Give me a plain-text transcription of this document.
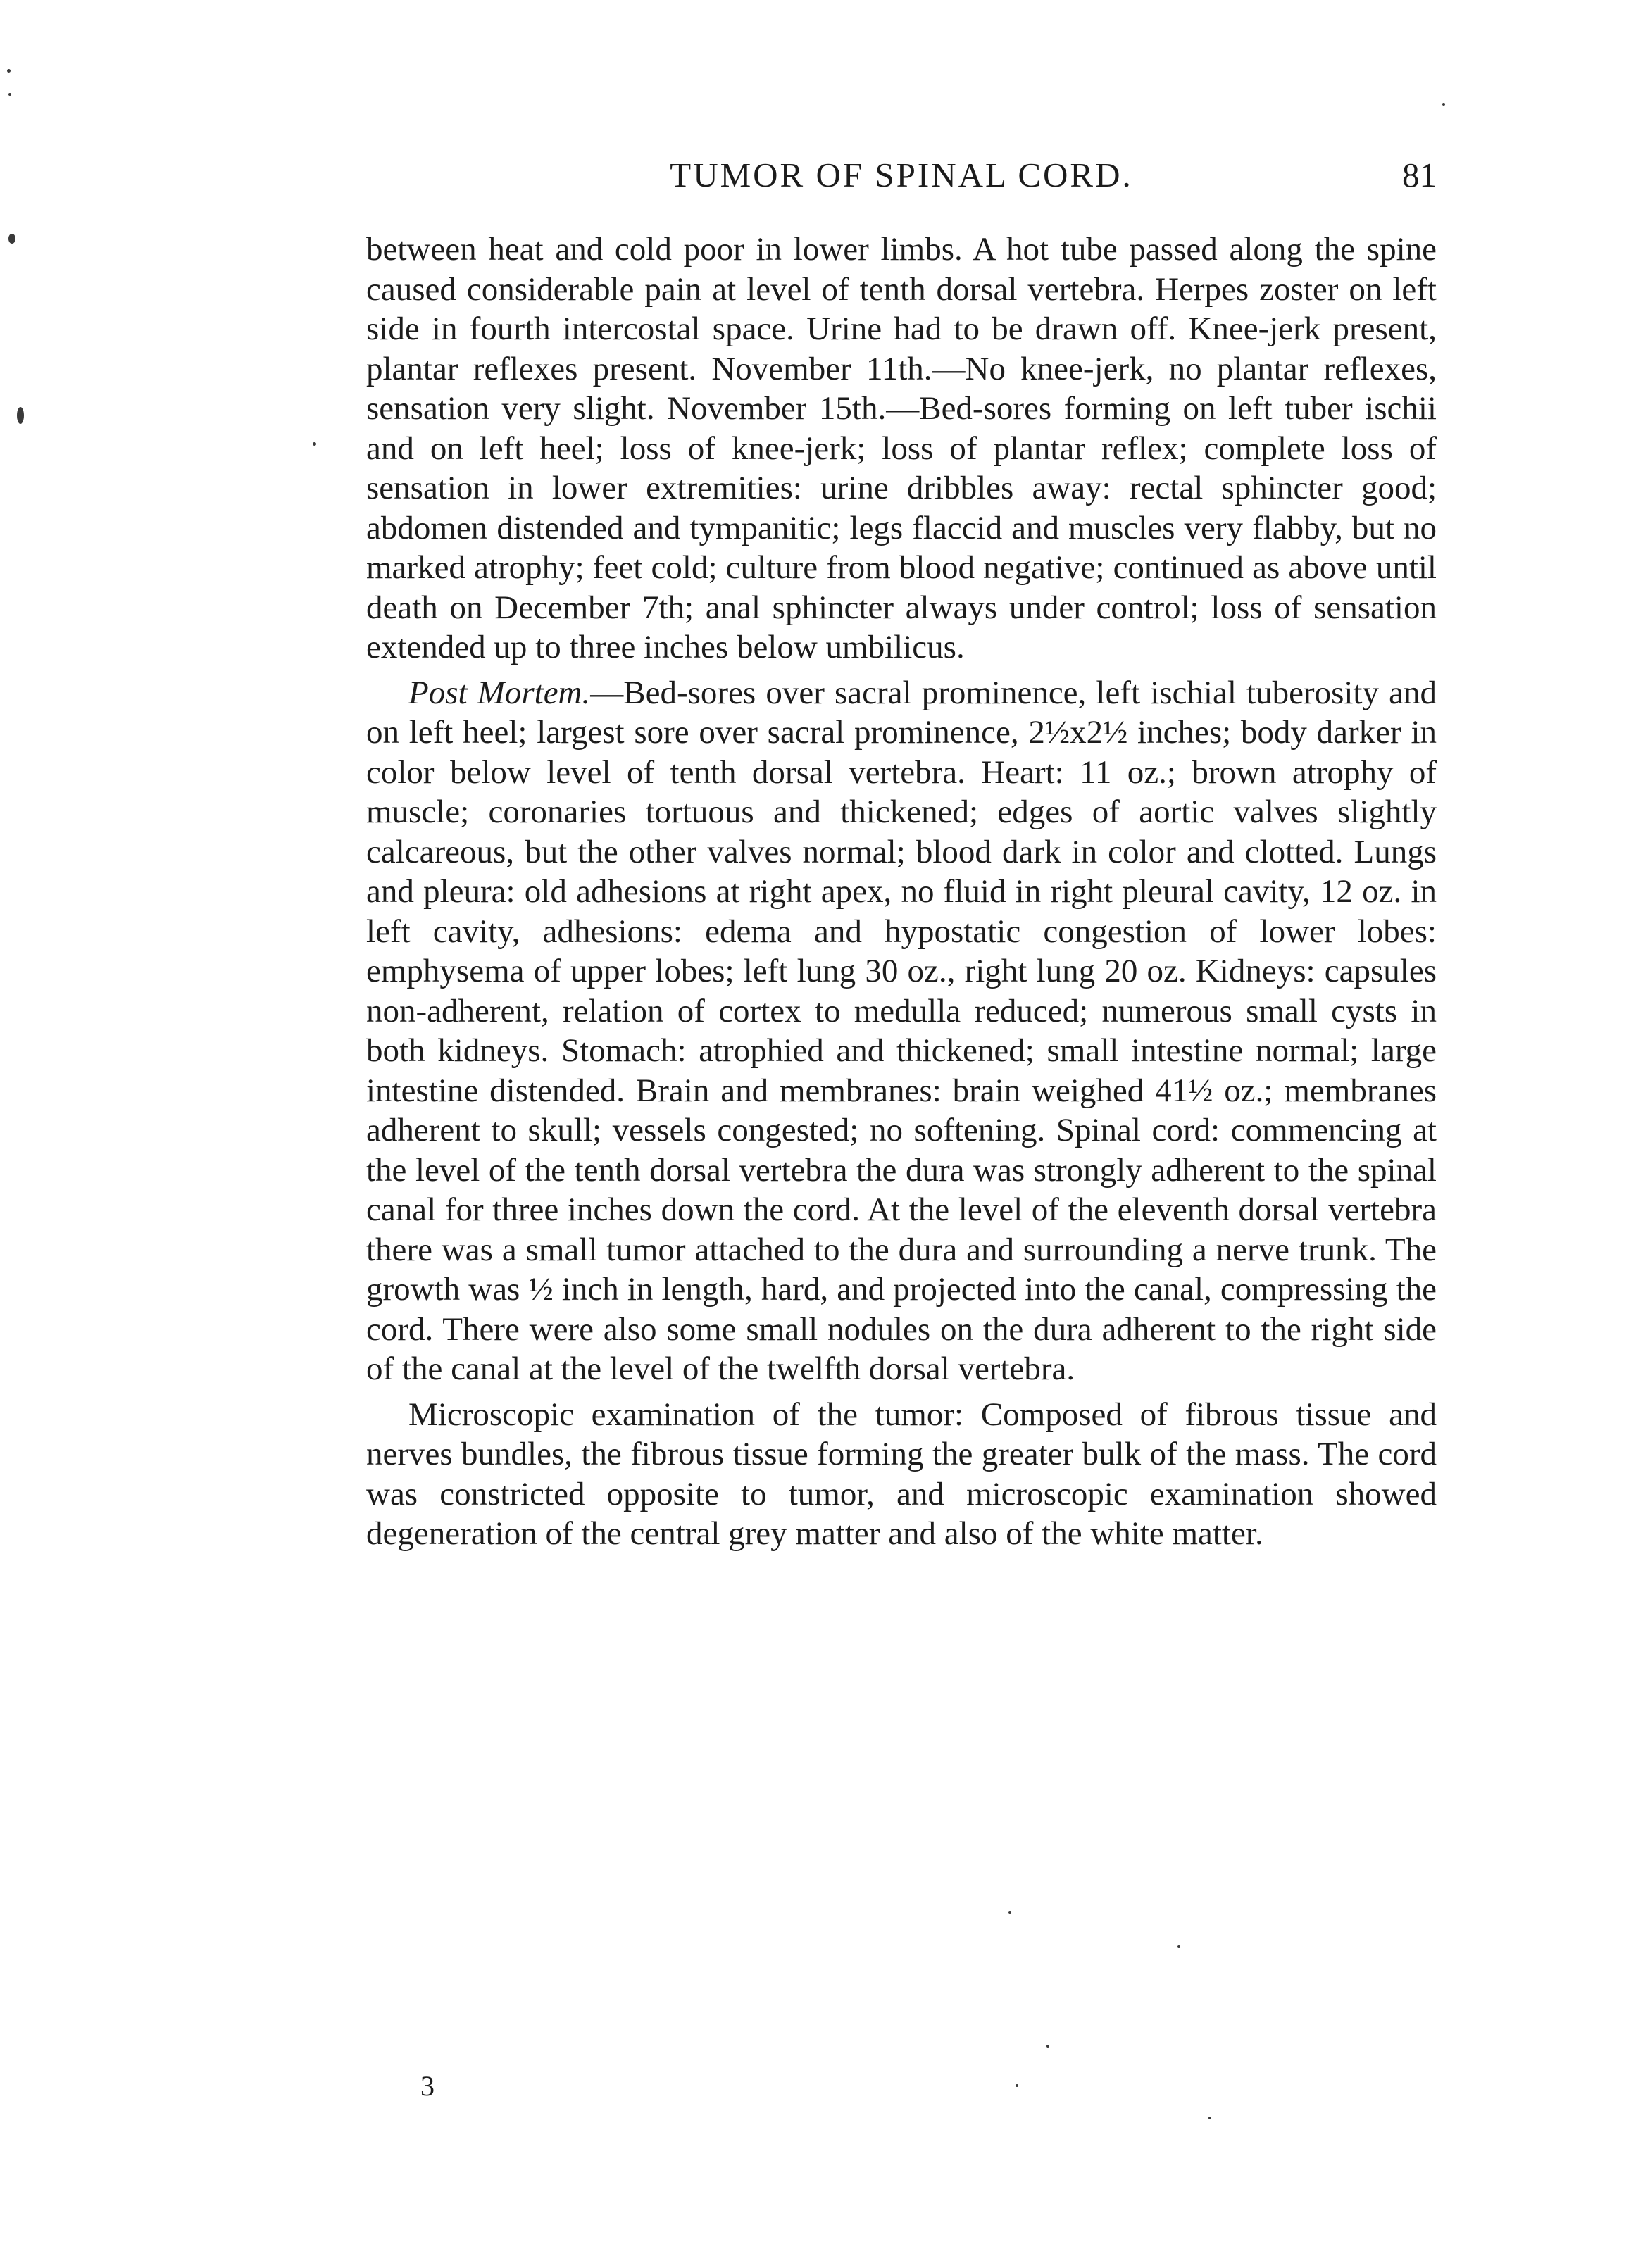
TUMOR OF SPINAL CORD.	81

between heat and cold poor in lower limbs. A hot tube passed along the spine caused considerable pain at level of tenth dorsal vertebra. Herpes zoster on left side in fourth intercostal space. Urine had to be drawn off. Knee-jerk present, plantar reflexes present. November 11th.—No knee-jerk, no plantar reflexes, sensation very slight. November 15th.—Bed-sores forming on left tuber ischii and on left heel; loss of knee-jerk; loss of plantar reflex; complete loss of sensation in lower extremities: urine dribbles away: rectal sphincter good; abdomen distended and tympanitic; legs flaccid and muscles very flabby, but no marked atrophy; feet cold; culture from blood negative; continued as above until death on December 7th; anal sphincter always under control; loss of sensation extended up to three inches below umbilicus.

Post Mortem.—Bed-sores over sacral prominence, left ischial tuberosity and on left heel; largest sore over sacral prominence, 2½x2½ inches; body darker in color below level of tenth dorsal vertebra. Heart: 11 oz.; brown atrophy of muscle; coronaries tortuous and thickened; edges of aortic valves slightly calcareous, but the other valves normal; blood dark in color and clotted. Lungs and pleura: old adhesions at right apex, no fluid in right pleural cavity, 12 oz. in left cavity, adhesions: edema and hypostatic congestion of lower lobes: emphysema of upper lobes; left lung 30 oz., right lung 20 oz. Kidneys: capsules non-adherent, relation of cortex to medulla reduced; numerous small cysts in both kidneys. Stomach: atrophied and thickened; small intestine normal; large intestine distended. Brain and membranes: brain weighed 41½ oz.; membranes adherent to skull; vessels congested; no softening. Spinal cord: commencing at the level of the tenth dorsal vertebra the dura was strongly adherent to the spinal canal for three inches down the cord. At the level of the eleventh dorsal vertebra there was a small tumor attached to the dura and surrounding a nerve trunk. The growth was ½ inch in length, hard, and projected into the canal, compressing the cord. There were also some small nodules on the dura adherent to the right side of the canal at the level of the twelfth dorsal vertebra.

Microscopic examination of the tumor: Composed of fibrous tissue and nerves bundles, the fibrous tissue forming the greater bulk of the mass. The cord was constricted opposite to tumor, and microscopic examination showed degeneration of the central grey matter and also of the white matter.

3
